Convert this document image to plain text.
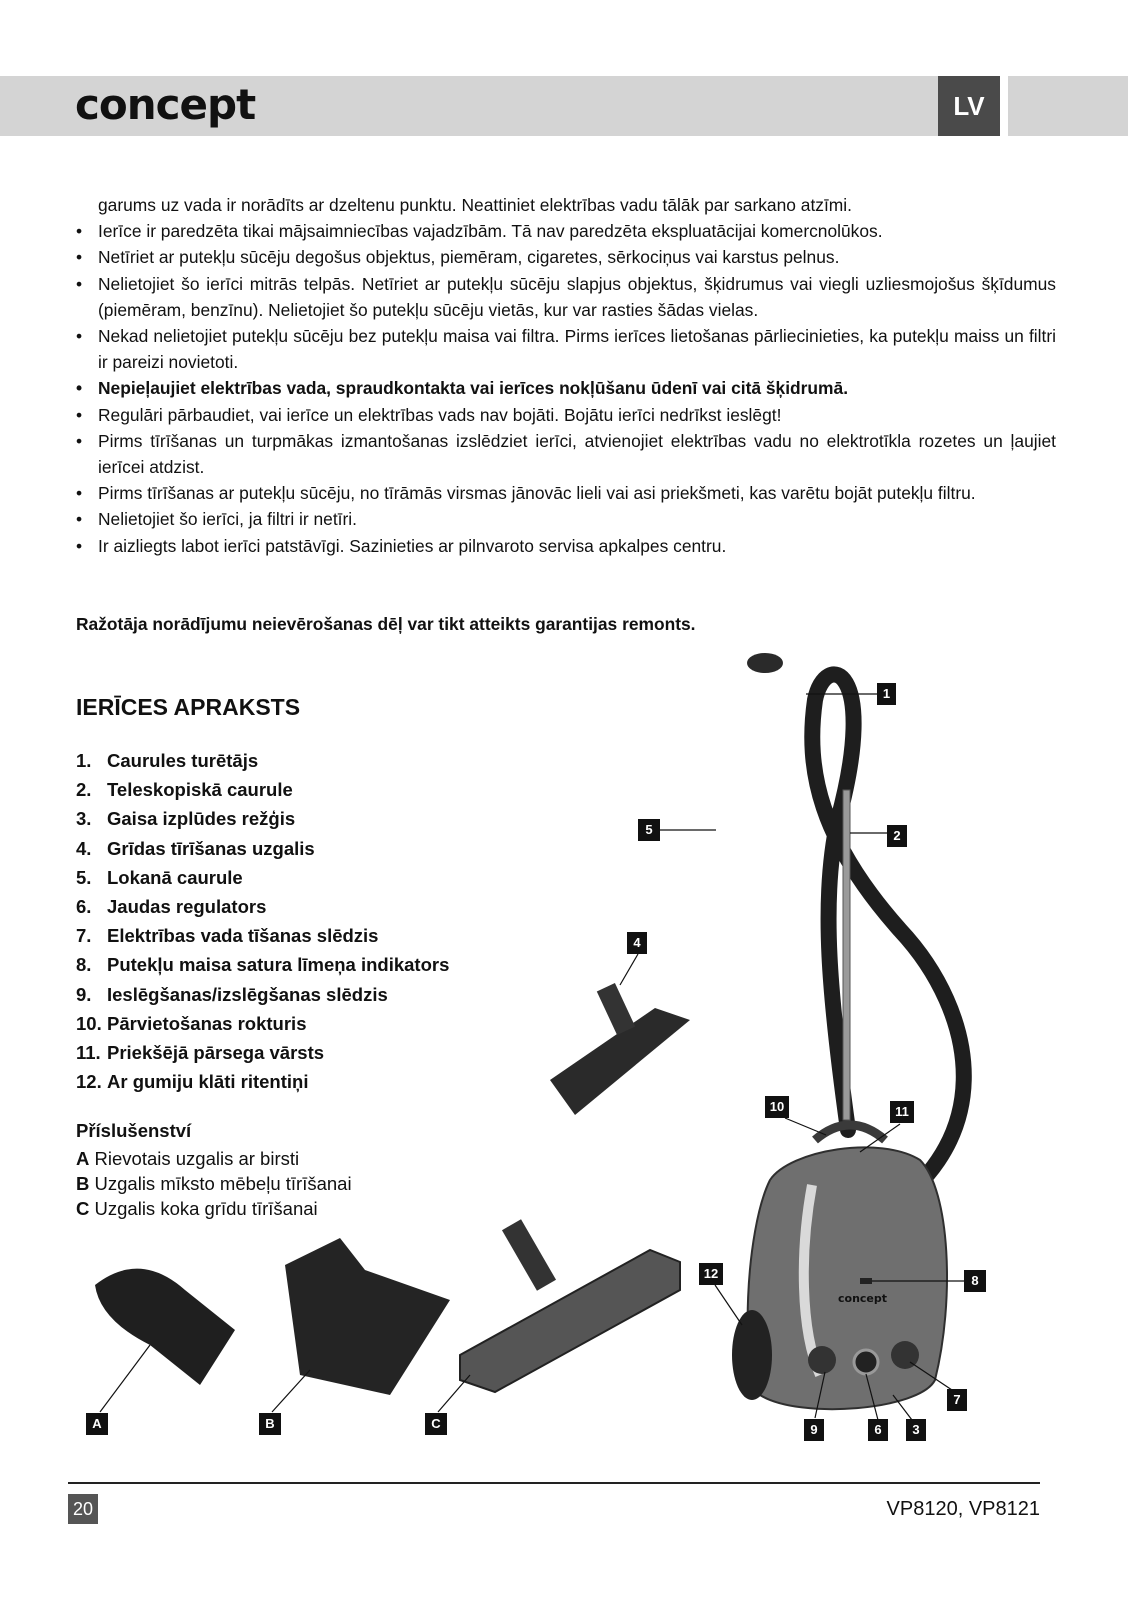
concept	LV

garums uz vada ir norādīts ar dzeltenu punktu. Neattiniet elektrības vadu tālāk par sarkano atzīmi.

• Ierīce ir paredzēta tikai mājsaimniecības vajadzībām. Tā nav paredzēta ekspluatācijai komercnolūkos.
• Netīriet ar putekļu sūcēju degošus objektus, piemēram, cigaretes, sērkociņus vai karstus pelnus.
• Nelietojiet šo ierīci mitrās telpās. Netīriet ar putekļu sūcēju slapjus objektus, šķidrumus vai viegli uzliesmojošus šķīdumus (piemēram, benzīnu). Nelietojiet šo putekļu sūcēju vietās, kur var rasties šādas vielas.
• Nekad nelietojiet putekļu sūcēju bez putekļu maisa vai filtra. Pirms ierīces lietošanas pārliecinieties, ka putekļu maiss un filtri ir pareizi novietoti.
• Nepieļaujiet elektrības vada, spraudkontakta vai ierīces nokļūšanu ūdenī vai citā šķidrumā.
• Regulāri pārbaudiet, vai ierīce un elektrības vads nav bojāti. Bojātu ierīci nedrīkst ieslēgt!
• Pirms tīrīšanas un turpmākas izmantošanas izslēdziet ierīci, atvienojiet elektrības vadu no elektrotīkla rozetes un ļaujiet ierīcei atdzist.
• Pirms tīrīšanas ar putekļu sūcēju, no tīrāmās virsmas jānovāc lieli vai asi priekšmeti, kas varētu bojāt putekļu filtru.
• Nelietojiet šo ierīci, ja filtri ir netīri.
• Ir aizliegts labot ierīci patstāvīgi. Sazinieties ar pilnvaroto servisa apkalpes centru.
Ražotāja norādījumu neievērošanas dēļ var tikt atteikts garantijas remonts.
IERĪCES APRAKSTS
1. Caurules turētājs
2. Teleskopiskā caurule
3. Gaisa izplūdes režģis
4. Grīdas tīrīšanas uzgalis
5. Lokanā caurule
6. Jaudas regulators
7. Elektrības vada tīšanas slēdzis
8. Putekļu maisa satura līmeņa indikators
9. Ieslēgšanas/izslēgšanas slēdzis
10. Pārvietošanas rokturis
11. Priekšējā pārsega vārsts
12. Ar gumiju klāti ritentiņi
Příslušenství
A Rievotais uzgalis ar birsti
B Uzgalis mīksto mēbeļu tīrīšanai
C Uzgalis koka grīdu tīrīšanai
concept
1
2
3
4
5
6
7
8
9
10	11
12
A	B	C
20	VP8120, VP8121
